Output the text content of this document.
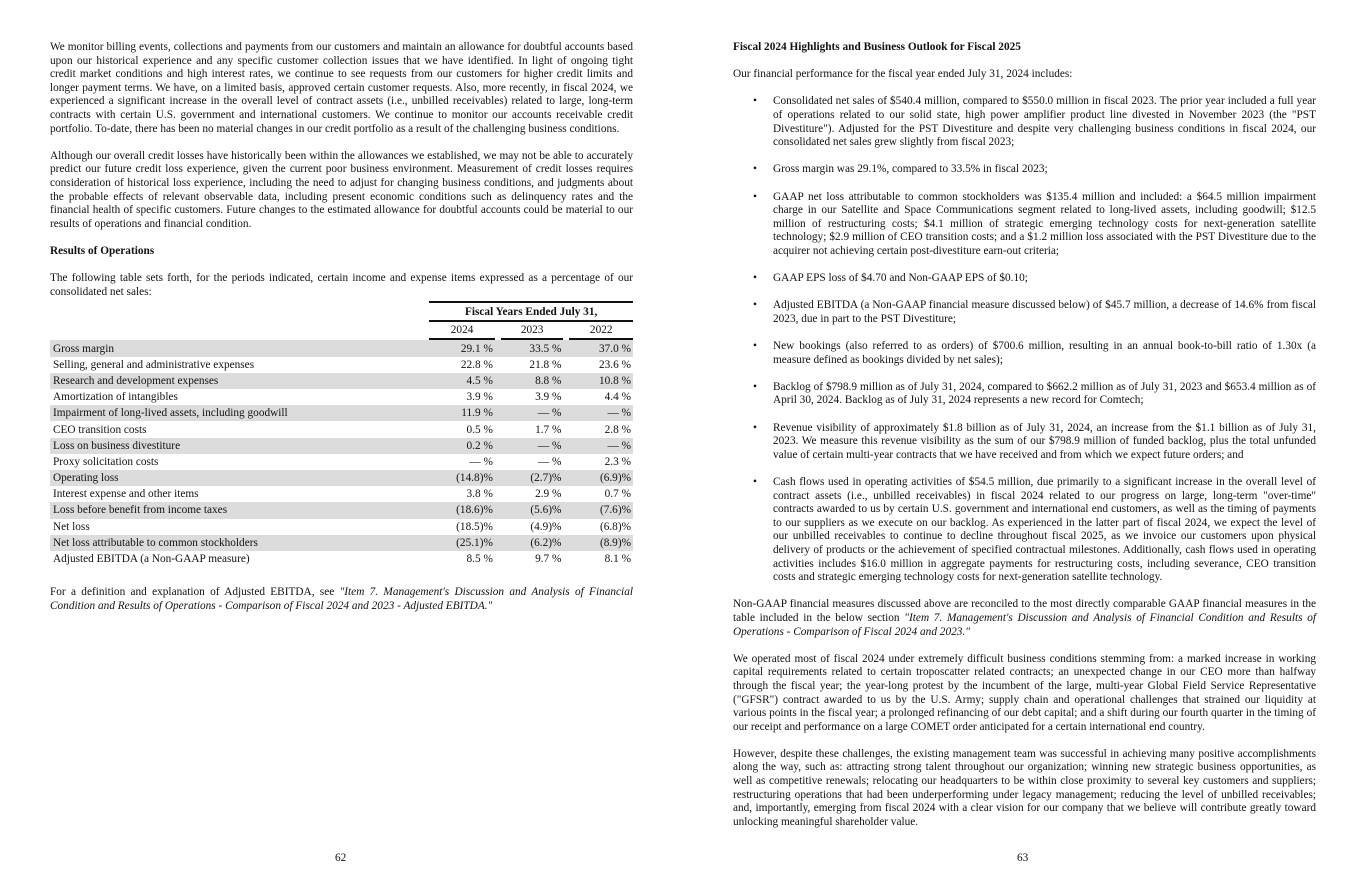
We monitor billing events, collections and payments from our customers and maintain an allowance for doubtful accounts based upon our historical experience and any specific customer collection issues that we have identified. In light of ongoing tight credit market conditions and high interest rates, we continue to see requests from our customers for higher credit limits and longer payment terms. We have, on a limited basis, approved certain customer requests. Also, more recently, in fiscal 2024, we experienced a significant increase in the overall level of contract assets (i.e., unbilled receivables) related to large, long-term contracts with certain U.S. government and international customers. We continue to monitor our accounts receivable credit portfolio. To-date, there has been no material changes in our credit portfolio as a result of the challenging business conditions.

Although our overall credit losses have historically been within the allowances we established, we may not be able to accurately predict our future credit loss experience, given the current poor business environment. Measurement of credit losses requires consideration of historical loss experience, including the need to adjust for changing business conditions, and judgments about the probable effects of relevant observable data, including present economic conditions such as delinquency rates and the financial health of specific customers. Future changes to the estimated allowance for doubtful accounts could be material to our results of operations and financial condition.

Results of Operations

The following table sets forth, for the periods indicated, certain income and expense items expressed as a percentage of our consolidated net sales:

	Fiscal Years Ended July 31,				
	2024		2023		2022
Gross margin	29.1 %		33.5 %		37.0 %
Selling, general and administrative expenses	22.8 %		21.8 %		23.6 %
Research and development expenses	4.5 %		8.8 %		10.8 %
Amortization of intangibles	3.9 %		3.9 %		4.4 %
Impairment of long-lived assets, including goodwill	11.9 %		— %		— %
CEO transition costs	0.5 %		1.7 %		2.8 %
Loss on business divestiture	0.2 %		— %		— %
Proxy solicitation costs	— %		— %		2.3 %
Operating loss	(14.8)%		(2.7)%		(6.9)%
Interest expense and other items	3.8 %		2.9 %		0.7 %
Loss before benefit from income taxes	(18.6)%		(5.6)%		(7.6)%
Net loss	(18.5)%		(4.9)%		(6.8)%
Net loss attributable to common stockholders	(25.1)%		(6.2)%		(8.9)%
Adjusted EBITDA (a Non-GAAP measure)	8.5 %		9.7 %		8.1 %

For a definition and explanation of Adjusted EBITDA, see "Item 7. Management's Discussion and Analysis of Financial Condition and Results of Operations - Comparison of Fiscal 2024 and 2023 - Adjusted EBITDA."

62

Fiscal 2024 Highlights and Business Outlook for Fiscal 2025

Our financial performance for the fiscal year ended July 31, 2024 includes:

• Consolidated net sales of $540.4 million, compared to $550.0 million in fiscal 2023. The prior year included a full year of operations related to our solid state, high power amplifier product line divested in November 2023 (the "PST Divestiture"). Adjusted for the PST Divestiture and despite very challenging business conditions in fiscal 2024, our consolidated net sales grew slightly from fiscal 2023;
• Gross margin was 29.1%, compared to 33.5% in fiscal 2023;
• GAAP net loss attributable to common stockholders was $135.4 million and included: a $64.5 million impairment charge in our Satellite and Space Communications segment related to long-lived assets, including goodwill; $12.5 million of restructuring costs; $4.1 million of strategic emerging technology costs for next-generation satellite technology; $2.9 million of CEO transition costs; and a $1.2 million loss associated with the PST Divestiture due to the acquirer not achieving certain post-divestiture earn-out criteria;
• GAAP EPS loss of $4.70 and Non-GAAP EPS of $0.10;
• Adjusted EBITDA (a Non-GAAP financial measure discussed below) of $45.7 million, a decrease of 14.6% from fiscal 2023, due in part to the PST Divestiture;
• New bookings (also referred to as orders) of $700.6 million, resulting in an annual book-to-bill ratio of 1.30x (a measure defined as bookings divided by net sales);
• Backlog of $798.9 million as of July 31, 2024, compared to $662.2 million as of July 31, 2023 and $653.4 million as of April 30, 2024. Backlog as of July 31, 2024 represents a new record for Comtech;
• Revenue visibility of approximately $1.8 billion as of July 31, 2024, an increase from the $1.1 billion as of July 31, 2023. We measure this revenue visibility as the sum of our $798.9 million of funded backlog, plus the total unfunded value of certain multi-year contracts that we have received and from which we expect future orders; and
• Cash flows used in operating activities of $54.5 million, due primarily to a significant increase in the overall level of contract assets (i.e., unbilled receivables) in fiscal 2024 related to our progress on large, long-term "over-time" contracts awarded to us by certain U.S. government and international end customers, as well as the timing of payments to our suppliers as we execute on our backlog. As experienced in the latter part of fiscal 2024, we expect the level of our unbilled receivables to continue to decline throughout fiscal 2025, as we invoice our customers upon physical delivery of products or the achievement of specified contractual milestones. Additionally, cash flows used in operating activities includes $16.0 million in aggregate payments for restructuring costs, including severance, CEO transition costs and strategic emerging technology costs for next-generation satellite technology.

Non-GAAP financial measures discussed above are reconciled to the most directly comparable GAAP financial measures in the table included in the below section "Item 7. Management's Discussion and Analysis of Financial Condition and Results of Operations - Comparison of Fiscal 2024 and 2023."

We operated most of fiscal 2024 under extremely difficult business conditions stemming from: a marked increase in working capital requirements related to certain troposcatter related contracts; an unexpected change in our CEO more than halfway through the fiscal year; the year-long protest by the incumbent of the large, multi-year Global Field Service Representative ("GFSR") contract awarded to us by the U.S. Army; supply chain and operational challenges that strained our liquidity at various points in the fiscal year; a prolonged refinancing of our debt capital; and a shift during our fourth quarter in the timing of our receipt and performance on a large COMET order anticipated for a certain international end country.

However, despite these challenges, the existing management team was successful in achieving many positive accomplishments along the way, such as: attracting strong talent throughout our organization; winning new strategic business opportunities, as well as competitive renewals; relocating our headquarters to be within close proximity to several key customers and suppliers; restructuring operations that had been underperforming under legacy management; reducing the level of unbilled receivables; and, importantly, emerging from fiscal 2024 with a clear vision for our company that we believe will contribute greatly toward unlocking meaningful shareholder value.

63
